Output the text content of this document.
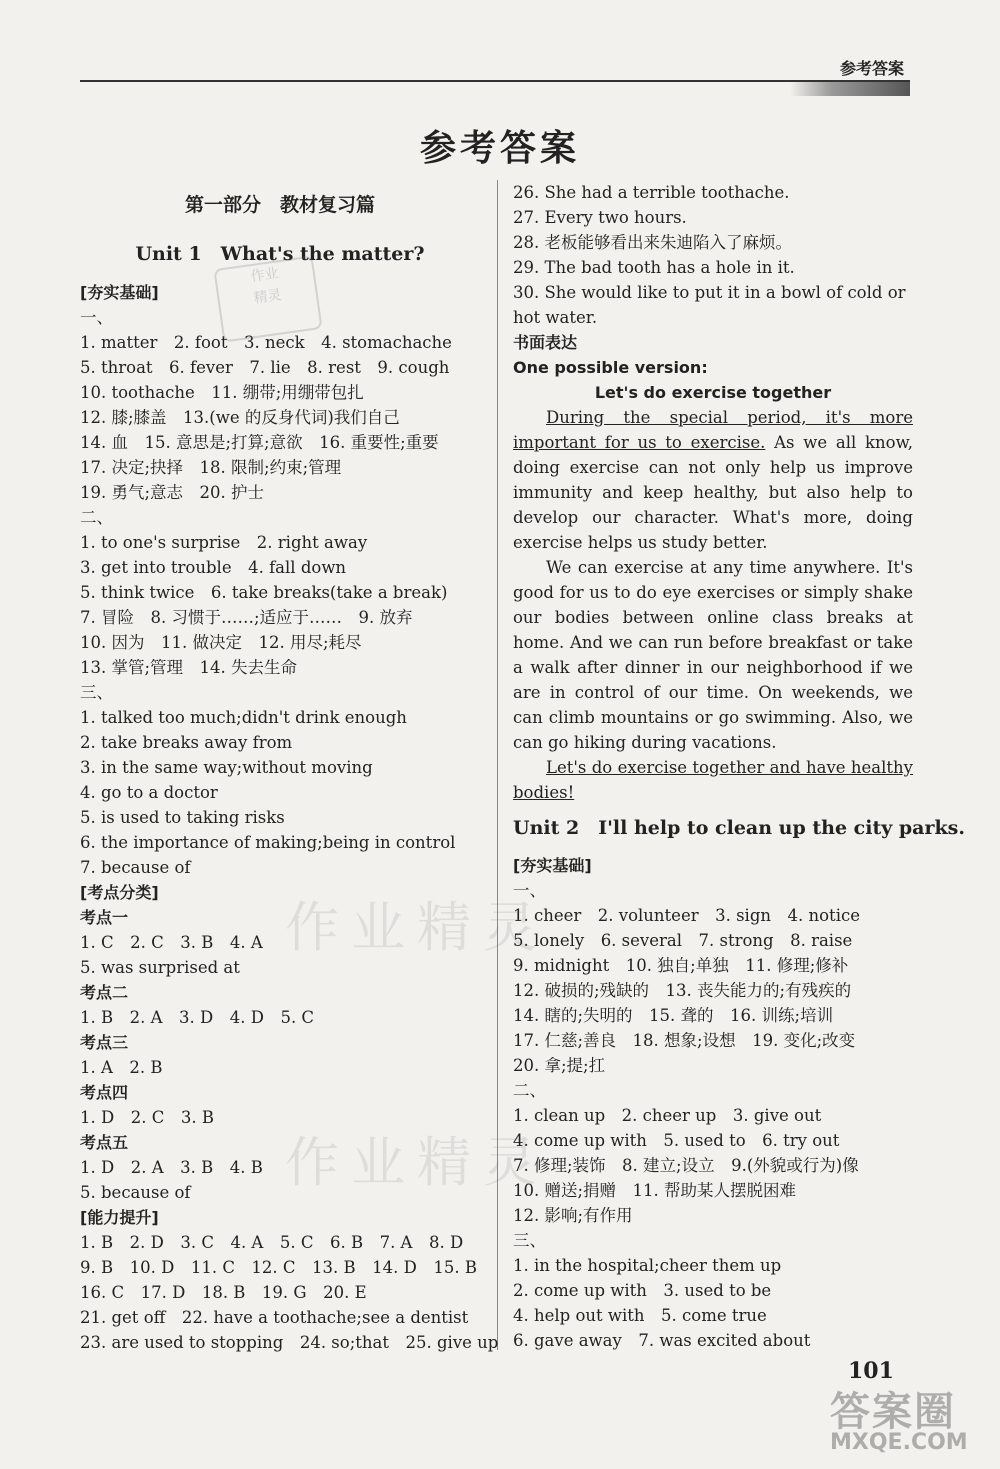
参考答案
参考答案
第一部分　教材复习篇
Unit 1　What's the matter?
[夯实基础]
一、
1. matter　2. foot　3. neck　4. stomachache
5. throat　6. fever　7. lie　8. rest　9. cough
10. toothache　11. 绷带;用绷带包扎
12. 膝;膝盖　13.(we 的反身代词)我们自己
14. 血　15. 意思是;打算;意欲　16. 重要性;重要
17. 决定;抉择　18. 限制;约束;管理
19. 勇气;意志　20. 护士
二、
1. to one's surprise　2. right away
3. get into trouble　4. fall down
5. think twice　6. take breaks(take a break)
7. 冒险　8. 习惯于……;适应于……　9. 放弃
10. 因为　11. 做决定　12. 用尽;耗尽
13. 掌管;管理　14. 失去生命
三、
1. talked too much;didn't drink enough
2. take breaks away from
3. in the same way;without moving
4. go to a doctor
5. is used to taking risks
6. the importance of making;being in control
7. because of
[考点分类]
考点一
1. C　2. C　3. B　4. A
5. was surprised at
考点二
1. B　2. A　3. D　4. D　5. C
考点三
1. A　2. B
考点四
1. D　2. C　3. B
考点五
1. D　2. A　3. B　4. B
5. because of
[能力提升]
1. B　2. D　3. C　4. A　5. C　6. B　7. A　8. D
9. B　10. D　11. C　12. C　13. B　14. D　15. B
16. C　17. D　18. B　19. G　20. E
21. get off　22. have a toothache;see a dentist
23. are used to stopping　24. so;that　25. give up
Let's do exercise together
During the special period, it's more important for us to exercise. As we all know, doing exercise can not only help us improve immunity and keep healthy, but also help to develop our character. What's more, doing exercise helps us study better.
We can exercise at any time anywhere. It's good for us to do eye exercises or simply shake our bodies between online class breaks at home. And we can run before breakfast or take a walk after dinner in our neighborhood if we are in control of our time. On weekends, we can climb mountains or go swimming. Also, we can go hiking during vacations.
Let's do exercise together and have healthy bodies!
Unit 2　I'll help to clean up the city parks.
26. She had a terrible toothache.
27. Every two hours.
28. 老板能够看出来朱迪陷入了麻烦。
29. The bad tooth has a hole in it.
30. She would like to put it in a bowl of cold or
hot water.
书面表达
One possible version:
[夯实基础]
一、
1. cheer　2. volunteer　3. sign　4. notice
5. lonely　6. several　7. strong　8. raise
9. midnight　10. 独自;单独　11. 修理;修补
12. 破损的;残缺的　13. 丧失能力的;有残疾的
14. 瞎的;失明的　15. 聋的　16. 训练;培训
17. 仁慈;善良　18. 想象;设想　19. 变化;改变
20. 拿;提;扛
二、
1. clean up　2. cheer up　3. give out
4. come up with　5. used to　6. try out
7. 修理;装饰　8. 建立;设立　9.(外貌或行为)像
10. 赠送;捐赠　11. 帮助某人摆脱困难
12. 影响;有作用
三、
1. in the hospital;cheer them up
2. come up with　3. used to be
4. help out with　5. come true
6. gave away　7. was excited about
作业精灵
作业精灵
作业
精灵
101
答案圈
MXQE.COM
